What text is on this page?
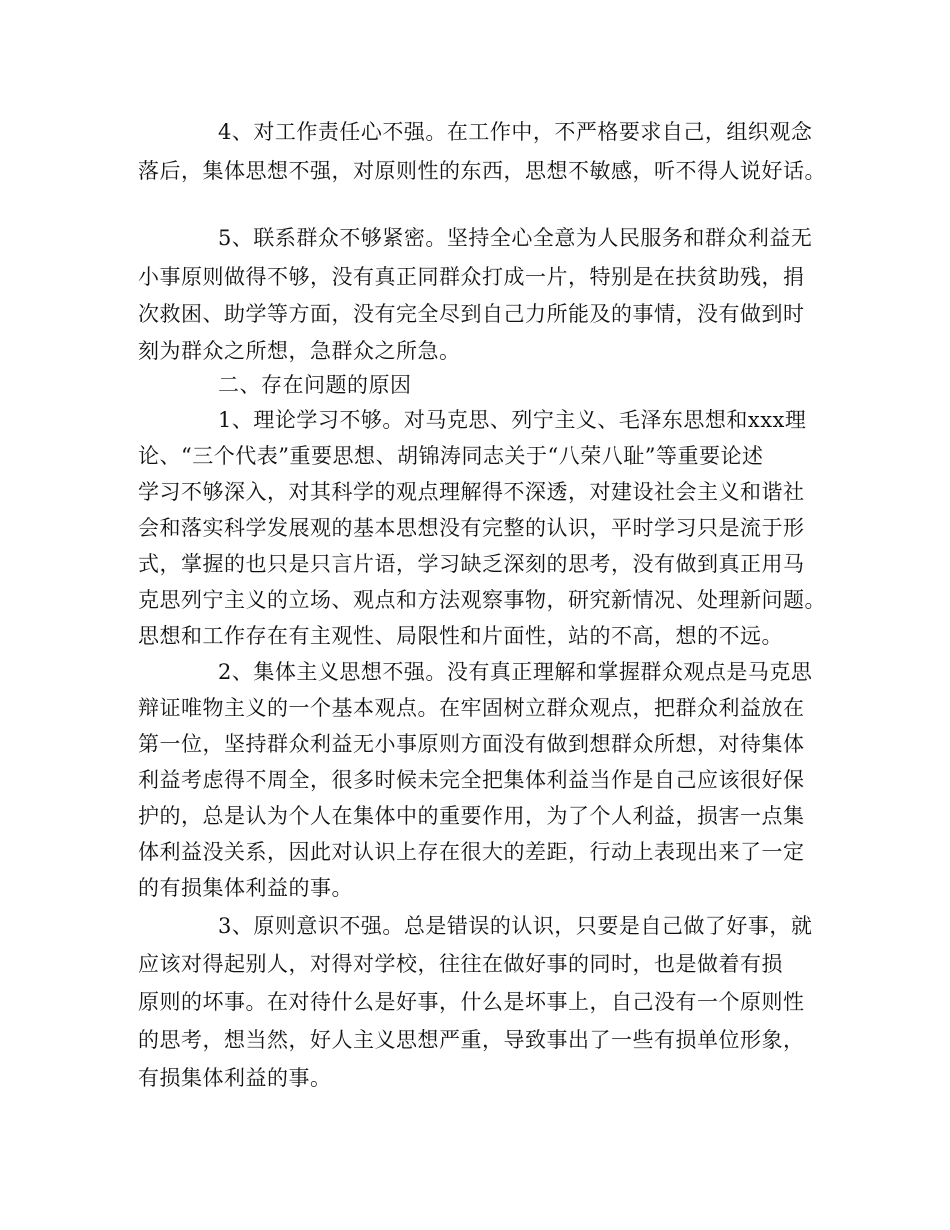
4、对工作责任心不强。在工作中，不严格要求自己，组织观念
落后，集体思想不强，对原则性的东西，思想不敏感，听不得人说好话。
5、联系群众不够紧密。坚持全心全意为人民服务和群众利益无
小事原则做得不够，没有真正同群众打成一片，特别是在扶贫助残，捐
次救困、助学等方面，没有完全尽到自己力所能及的事情，没有做到时
刻为群众之所想，急群众之所急。
二、存在问题的原因
1、理论学习不够。对马克思、列宁主义、毛泽东思想和xxx理
论、“三个代表”重要思想、胡锦涛同志关于“八荣八耻”等重要论述
学习不够深入，对其科学的观点理解得不深透，对建设社会主义和谐社
会和落实科学发展观的基本思想没有完整的认识，平时学习只是流于形
式，掌握的也只是只言片语，学习缺乏深刻的思考，没有做到真正用马
克思列宁主义的立场、观点和方法观察事物，研究新情况、处理新问题。
思想和工作存在有主观性、局限性和片面性，站的不高，想的不远。
2、集体主义思想不强。没有真正理解和掌握群众观点是马克思
辩证唯物主义的一个基本观点。在牢固树立群众观点，把群众利益放在
第一位，坚持群众利益无小事原则方面没有做到想群众所想，对待集体
利益考虑得不周全，很多时候未完全把集体利益当作是自己应该很好保
护的，总是认为个人在集体中的重要作用，为了个人利益，损害一点集
体利益没关系，因此对认识上存在很大的差距，行动上表现出来了一定
的有损集体利益的事。
3、原则意识不强。总是错误的认识，只要是自己做了好事，就
应该对得起别人，对得对学校，往往在做好事的同时，也是做着有损
原则的坏事。在对待什么是好事，什么是坏事上，自己没有一个原则性
的思考，想当然，好人主义思想严重，导致事出了一些有损单位形象，
有损集体利益的事。
